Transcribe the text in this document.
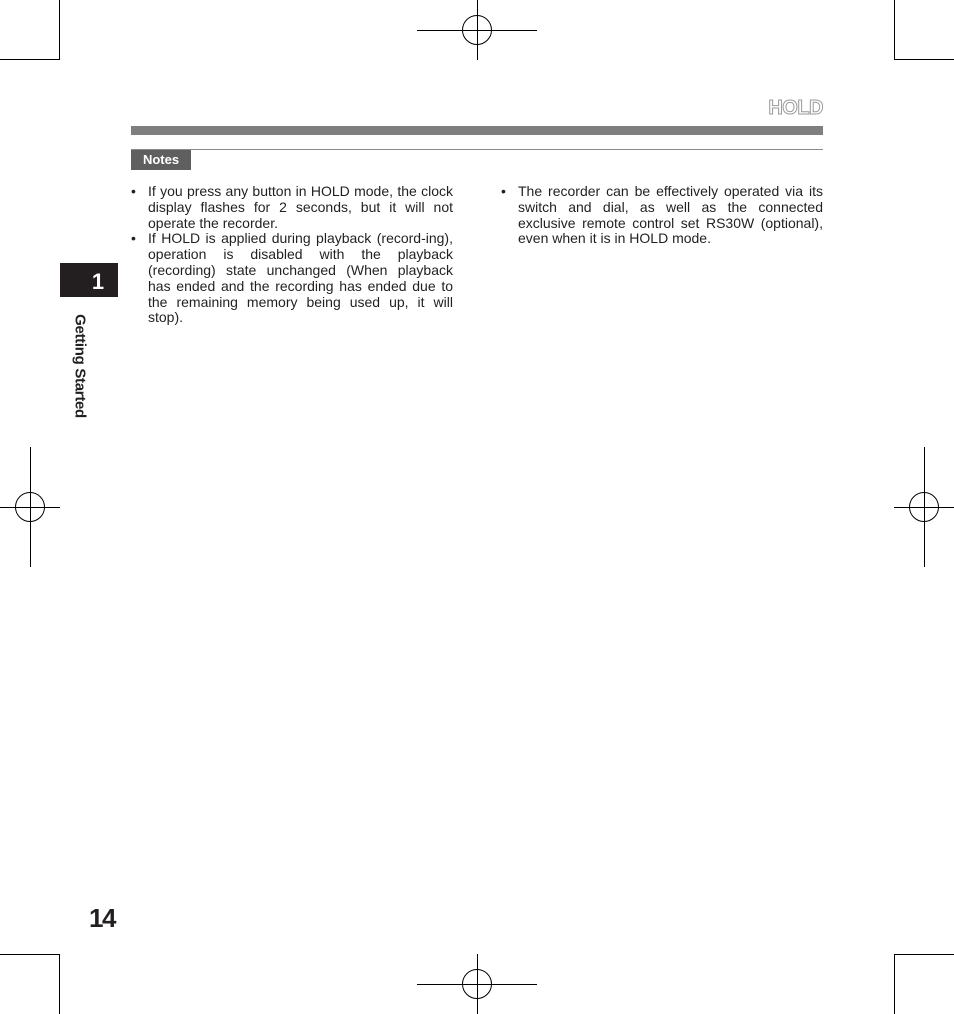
HOLD
Notes
• If you press any button in HOLD mode, the clock display flashes for 2 seconds, but it will not operate the recorder.
• If HOLD is applied during playback (record-ing), operation is disabled with the playback (recording) state unchanged (When playback has ended and the recording has ended due to the remaining memory being used up, it will stop).
• The recorder can be effectively operated via its switch and dial, as well as the connected exclusive remote control set RS30W (optional), even when it is in HOLD mode.
1
Getting Started
14
